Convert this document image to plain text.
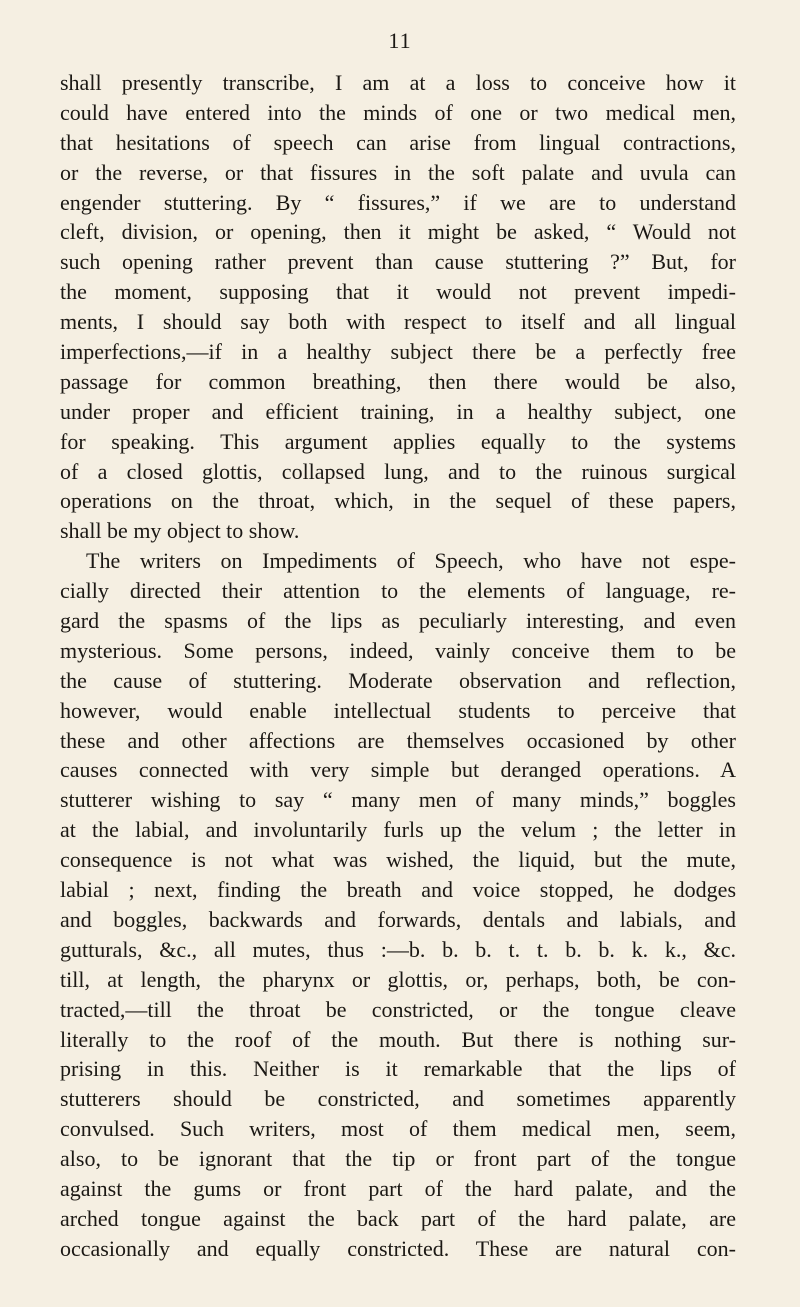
11
shall presently transcribe, I am at a loss to conceive how it
could have entered into the minds of one or two medical men,
that hesitations of speech can arise from lingual contractions,
or the reverse, or that fissures in the soft palate and uvula can
engender stuttering. By “ fissures,” if we are to understand
cleft, division, or opening, then it might be asked, “ Would not
such opening rather prevent than cause stuttering ?” But, for
the moment, supposing that it would not prevent impedi-
ments, I should say both with respect to itself and all lingual
imperfections,—if in a healthy subject there be a perfectly free
passage for common breathing, then there would be also,
under proper and efficient training, in a healthy subject, one
for speaking. This argument applies equally to the systems
of a closed glottis, collapsed lung, and to the ruinous surgical
operations on the throat, which, in the sequel of these papers,
shall be my object to show.
The writers on Impediments of Speech, who have not espe-
cially directed their attention to the elements of language, re-
gard the spasms of the lips as peculiarly interesting, and even
mysterious. Some persons, indeed, vainly conceive them to be
the cause of stuttering. Moderate observation and reflection,
however, would enable intellectual students to perceive that
these and other affections are themselves occasioned by other
causes connected with very simple but deranged operations. A
stutterer wishing to say “ many men of many minds,” boggles
at the labial, and involuntarily furls up the velum ; the letter in
consequence is not what was wished, the liquid, but the mute,
labial ; next, finding the breath and voice stopped, he dodges
and boggles, backwards and forwards, dentals and labials, and
gutturals, &c., all mutes, thus :—b. b. b. t. t. b. b. k. k., &c.
till, at length, the pharynx or glottis, or, perhaps, both, be con-
tracted,—till the throat be constricted, or the tongue cleave
literally to the roof of the mouth. But there is nothing sur-
prising in this. Neither is it remarkable that the lips of
stutterers should be constricted, and sometimes apparently
convulsed. Such writers, most of them medical men, seem,
also, to be ignorant that the tip or front part of the tongue
against the gums or front part of the hard palate, and the
arched tongue against the back part of the hard palate, are
occasionally and equally constricted. These are natural con-
